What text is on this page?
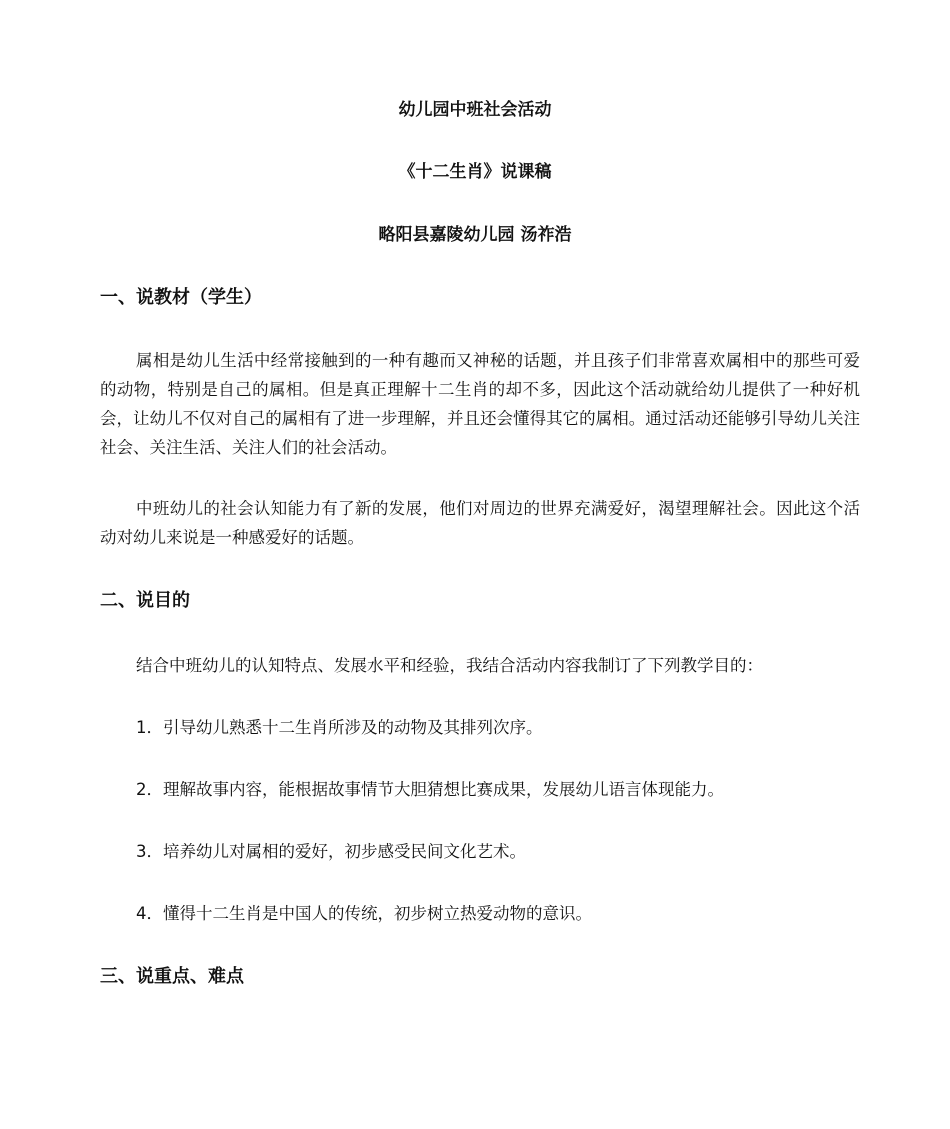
幼儿园中班社会活动
《十二生肖》说课稿
略阳县嘉陵幼儿园 汤祚浩
一、说教材（学生）
属相是幼儿生活中经常接触到的一种有趣而又神秘的话题，并且孩子们非常喜欢属相中的那些可爱的动物，特别是自己的属相。但是真正理解十二生肖的却不多，因此这个活动就给幼儿提供了一种好机会，让幼儿不仅对自己的属相有了进一步理解，并且还会懂得其它的属相。通过活动还能够引导幼儿关注社会、关注生活、关注人们的社会活动。
中班幼儿的社会认知能力有了新的发展，他们对周边的世界充满爱好，渴望理解社会。因此这个活动对幼儿来说是一种感爱好的话题。
二、说目的
结合中班幼儿的认知特点、发展水平和经验，我结合活动内容我制订了下列教学目的：
1．引导幼儿熟悉十二生肖所涉及的动物及其排列次序。
2．理解故事内容，能根据故事情节大胆猜想比赛成果，发展幼儿语言体现能力。
3．培养幼儿对属相的爱好，初步感受民间文化艺术。
4．懂得十二生肖是中国人的传统，初步树立热爱动物的意识。
三、说重点、难点
